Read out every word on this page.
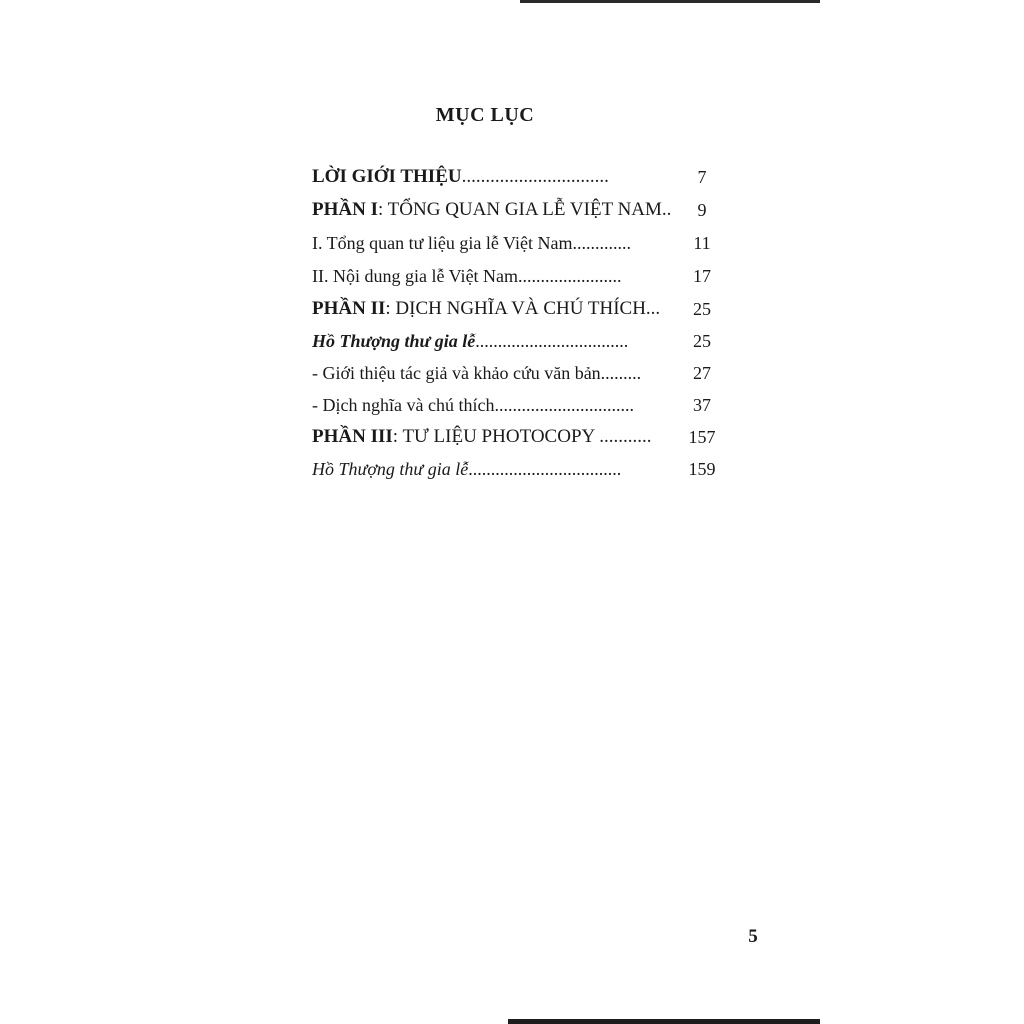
MỤC LỤC
LỜI GIỚI THIỆU...............................	7
PHẦN I: TỔNG QUAN GIA LỄ VIỆT NAM..	9
I. Tổng quan tư liệu gia lễ Việt Nam.............	11
II. Nội dung gia lễ Việt Nam.......................	17
PHẦN II: DỊCH NGHĨA VÀ CHÚ THÍCH...	25
Hồ Thượng thư gia lễ..................................	25
- Giới thiệu tác giả và khảo cứu văn bản.........	27
- Dịch nghĩa và chú thích...............................	37
PHẦN III: TƯ LIỆU PHOTOCOPY ...........	157
Hồ Thượng thư gia lễ..................................	159
5
